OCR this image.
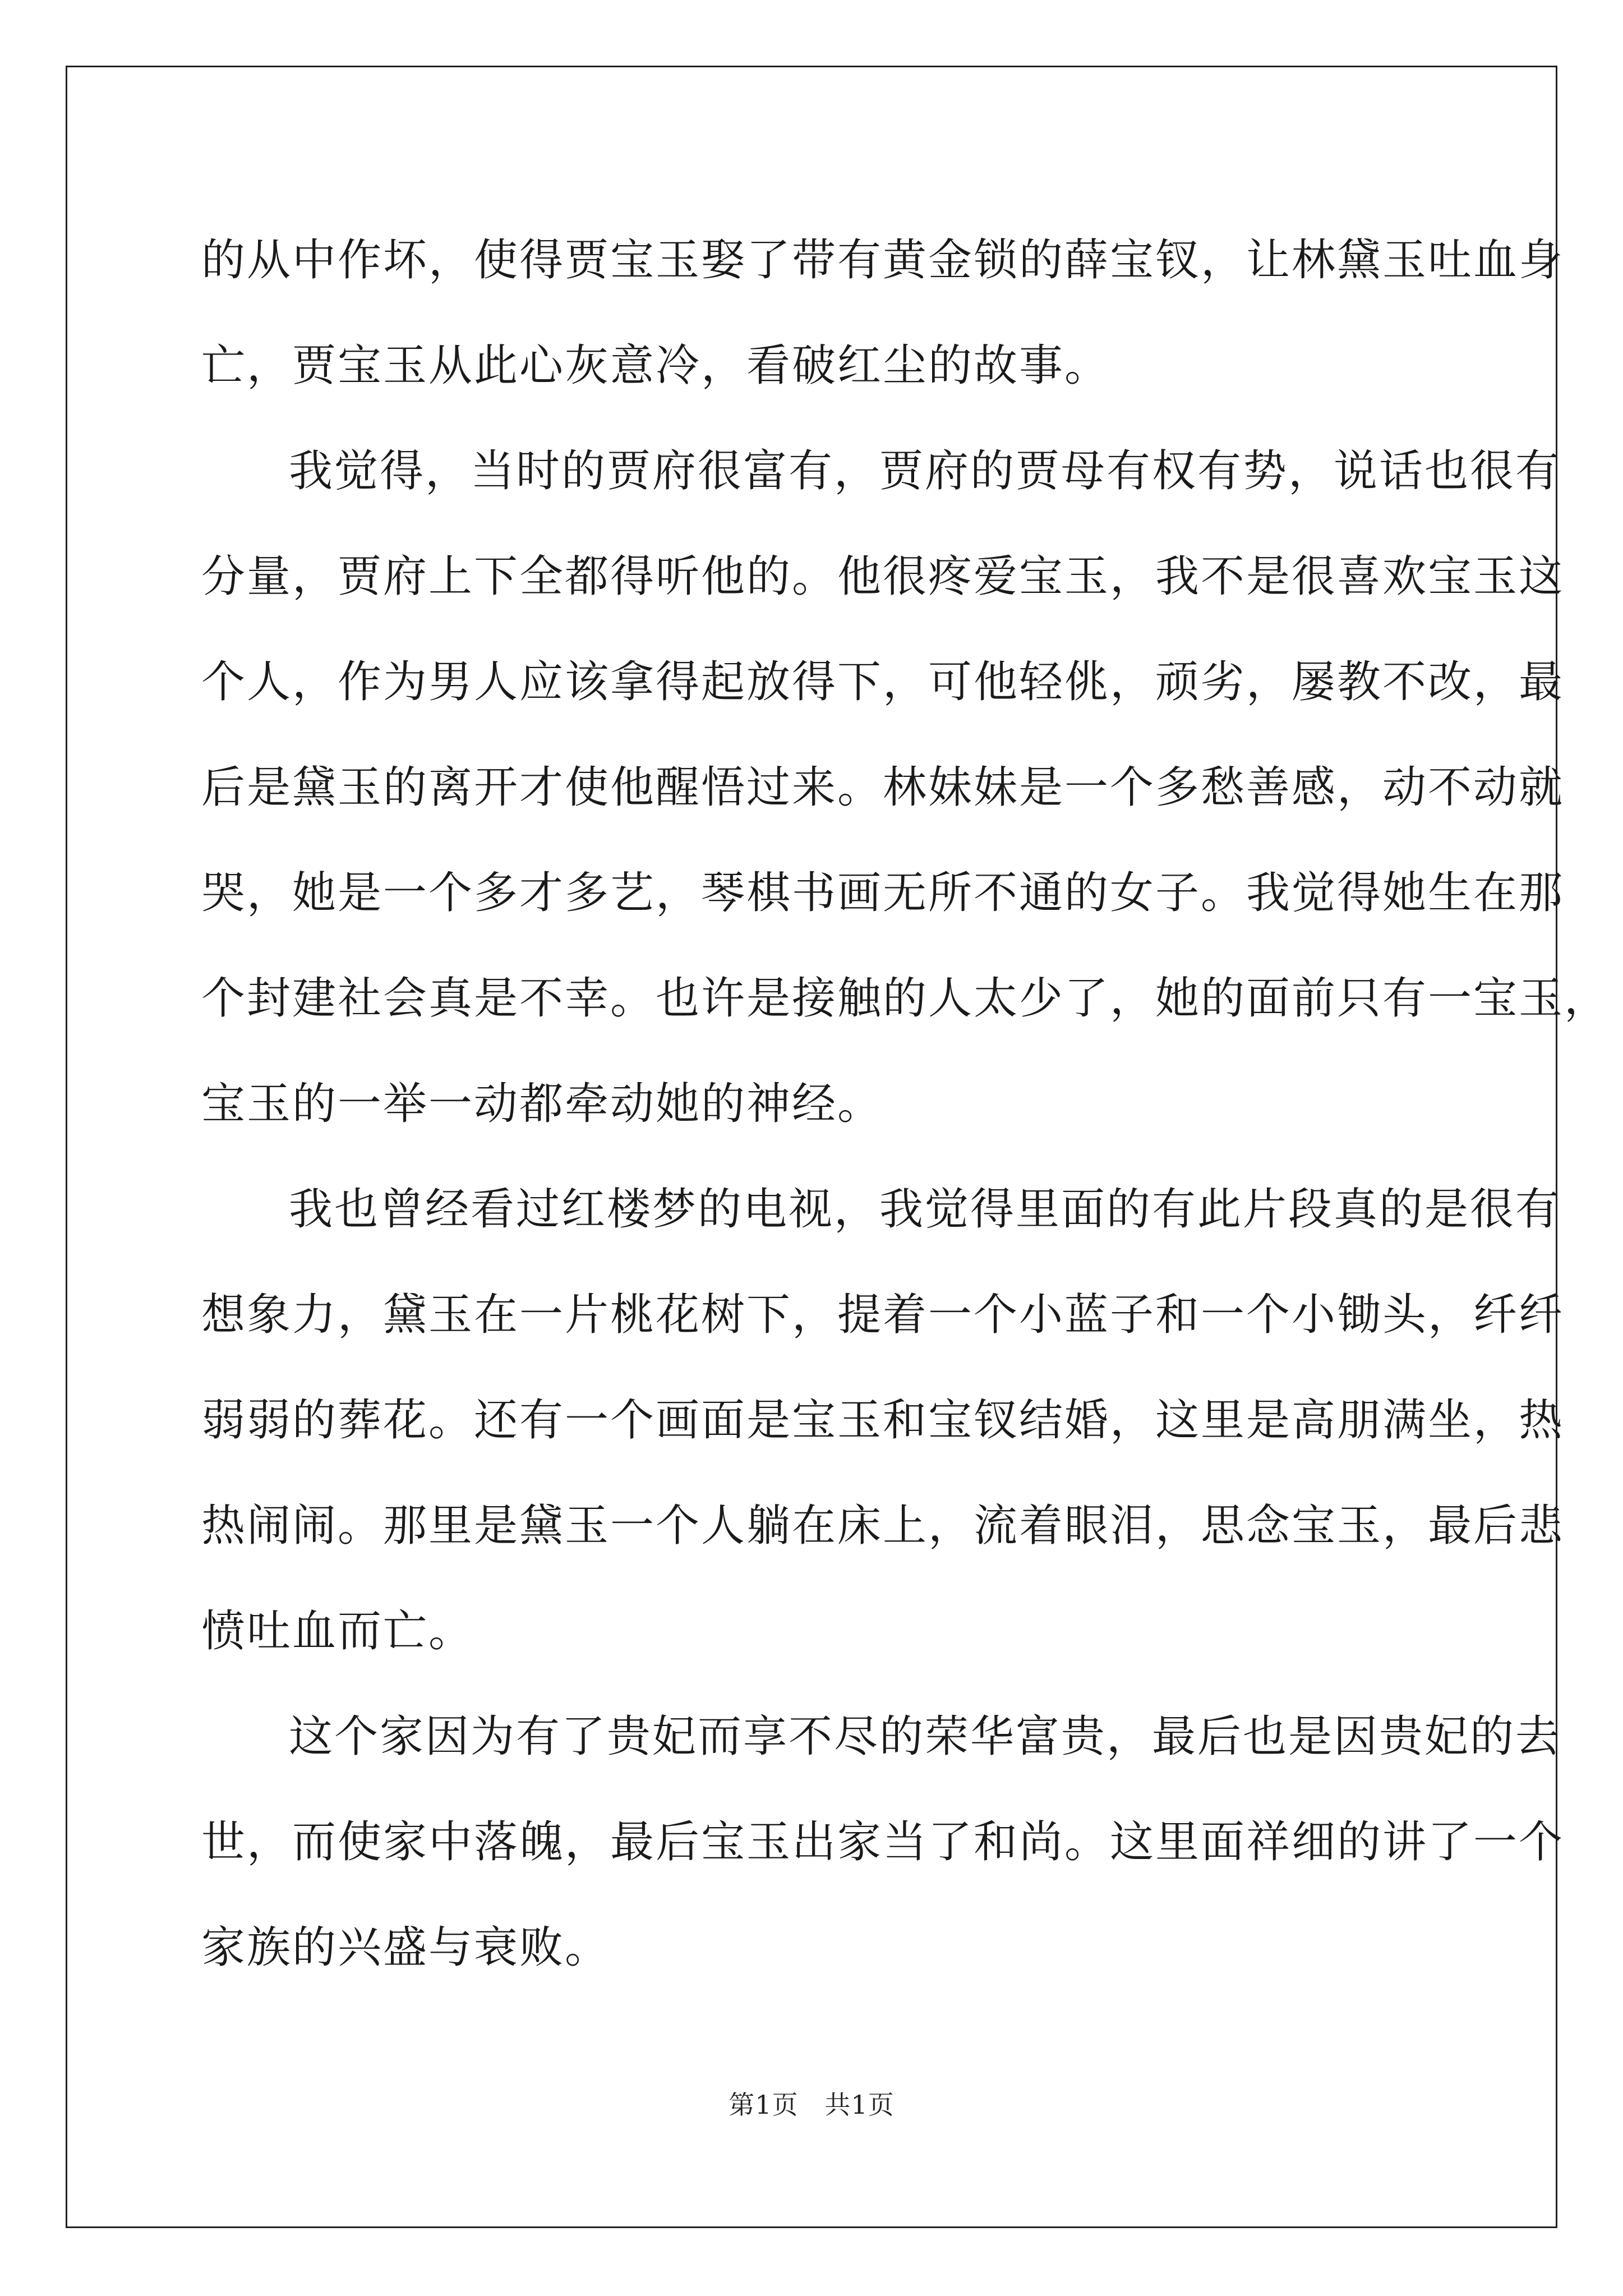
的从中作坏，使得贾宝玉娶了带有黄金锁的薛宝钗，让林黛玉吐血身
亡，贾宝玉从此心灰意冷，看破红尘的故事。
我觉得，当时的贾府很富有，贾府的贾母有权有势，说话也很有
分量，贾府上下全都得听他的。他很疼爱宝玉，我不是很喜欢宝玉这
个人，作为男人应该拿得起放得下，可他轻佻，顽劣，屡教不改，最
后是黛玉的离开才使他醒悟过来。林妹妹是一个多愁善感，动不动就
哭，她是一个多才多艺，琴棋书画无所不通的女子。我觉得她生在那
个封建社会真是不幸。也许是接触的人太少了，她的面前只有一宝玉，
宝玉的一举一动都牵动她的神经。
我也曾经看过红楼梦的电视，我觉得里面的有此片段真的是很有
想象力，黛玉在一片桃花树下，提着一个小蓝子和一个小锄头，纤纤
弱弱的葬花。还有一个画面是宝玉和宝钗结婚，这里是高朋满坐，热
热闹闹。那里是黛玉一个人躺在床上，流着眼泪，思念宝玉，最后悲
愤吐血而亡。
这个家因为有了贵妃而享不尽的荣华富贵，最后也是因贵妃的去
世，而使家中落魄，最后宝玉出家当了和尚。这里面祥细的讲了一个
家族的兴盛与衰败。
第1页   共1页
